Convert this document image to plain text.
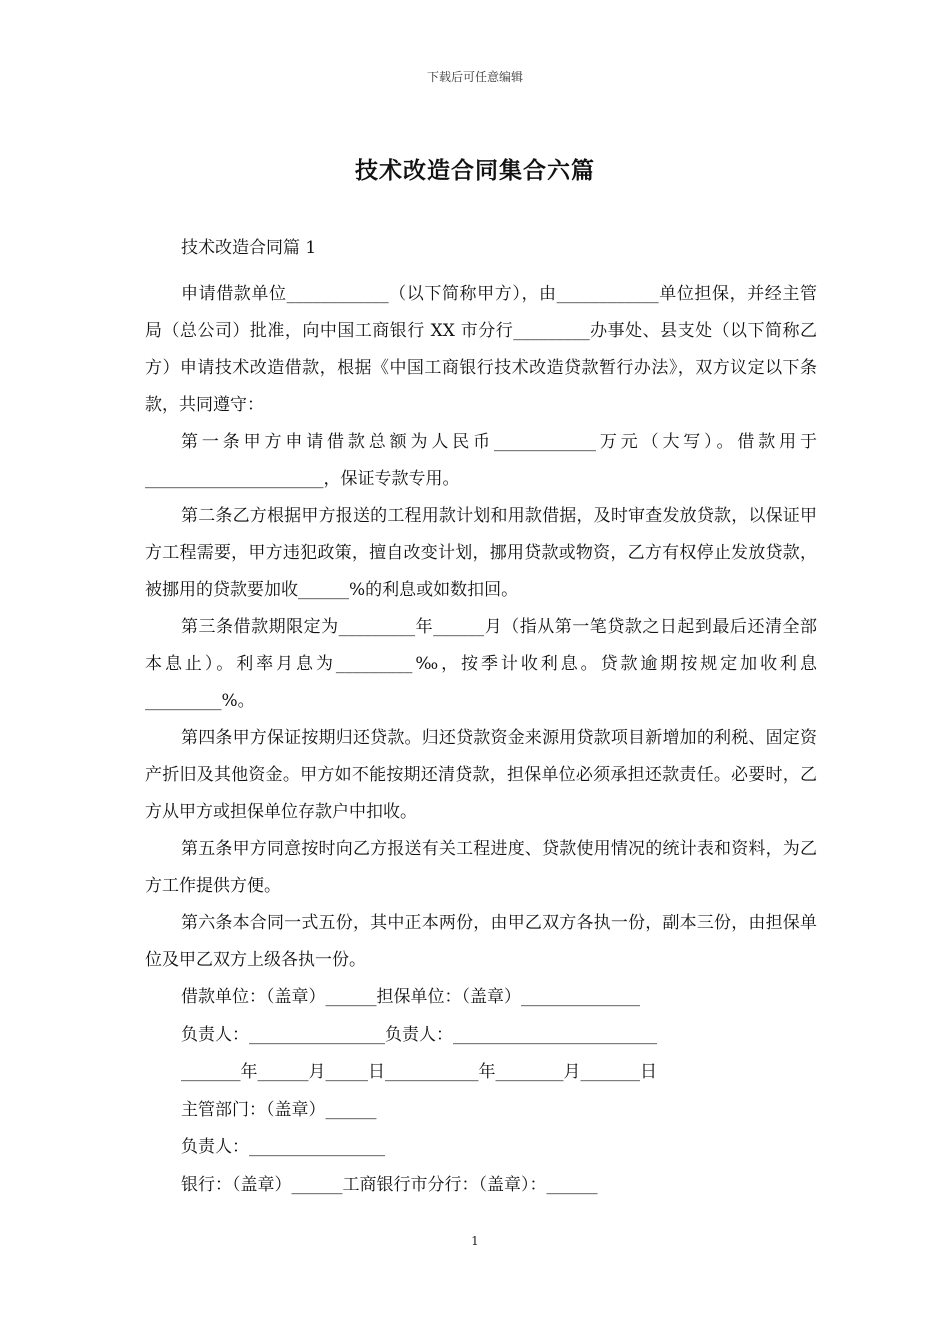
下载后可任意编辑
技术改造合同集合六篇

技术改造合同篇 1

申请借款单位____________（以下简称甲方），由____________单位担保，并经主管局（总公司）批准，向中国工商银行 XX 市分行_________办事处、县支处（以下简称乙方）申请技术改造借款，根据《中国工商银行技术改造贷款暂行办法》，双方议定以下条款，共同遵守：

第一条甲方申请借款总额为人民币____________万元（大写）。借款用于_____________________，保证专款专用。

第二条乙方根据甲方报送的工程用款计划和用款借据，及时审查发放贷款，以保证甲方工程需要，甲方违犯政策，擅自改变计划，挪用贷款或物资，乙方有权停止发放贷款，被挪用的贷款要加收______%的利息或如数扣回。

第三条借款期限定为_________年______月（指从第一笔贷款之日起到最后还清全部本息止）。利率月息为_________‰，按季计收利息。贷款逾期按规定加收利息_________%。

第四条甲方保证按期归还贷款。归还贷款资金来源用贷款项目新增加的利税、固定资产折旧及其他资金。甲方如不能按期还清贷款，担保单位必须承担还款责任。必要时，乙方从甲方或担保单位存款户中扣收。

第五条甲方同意按时向乙方报送有关工程进度、贷款使用情况的统计表和资料，为乙方工作提供方便。

第六条本合同一式五份，其中正本两份，由甲乙双方各执一份，副本三份，由担保单位及甲乙双方上级各执一份。

借款单位：（盖章）______担保单位：（盖章）______________

负责人：________________负责人：________________________

_______年______月_____日___________年________月_______日

主管部门：（盖章）______

负责人：________________

银行：（盖章）______工商银行市分行：（盖章）：______

1
